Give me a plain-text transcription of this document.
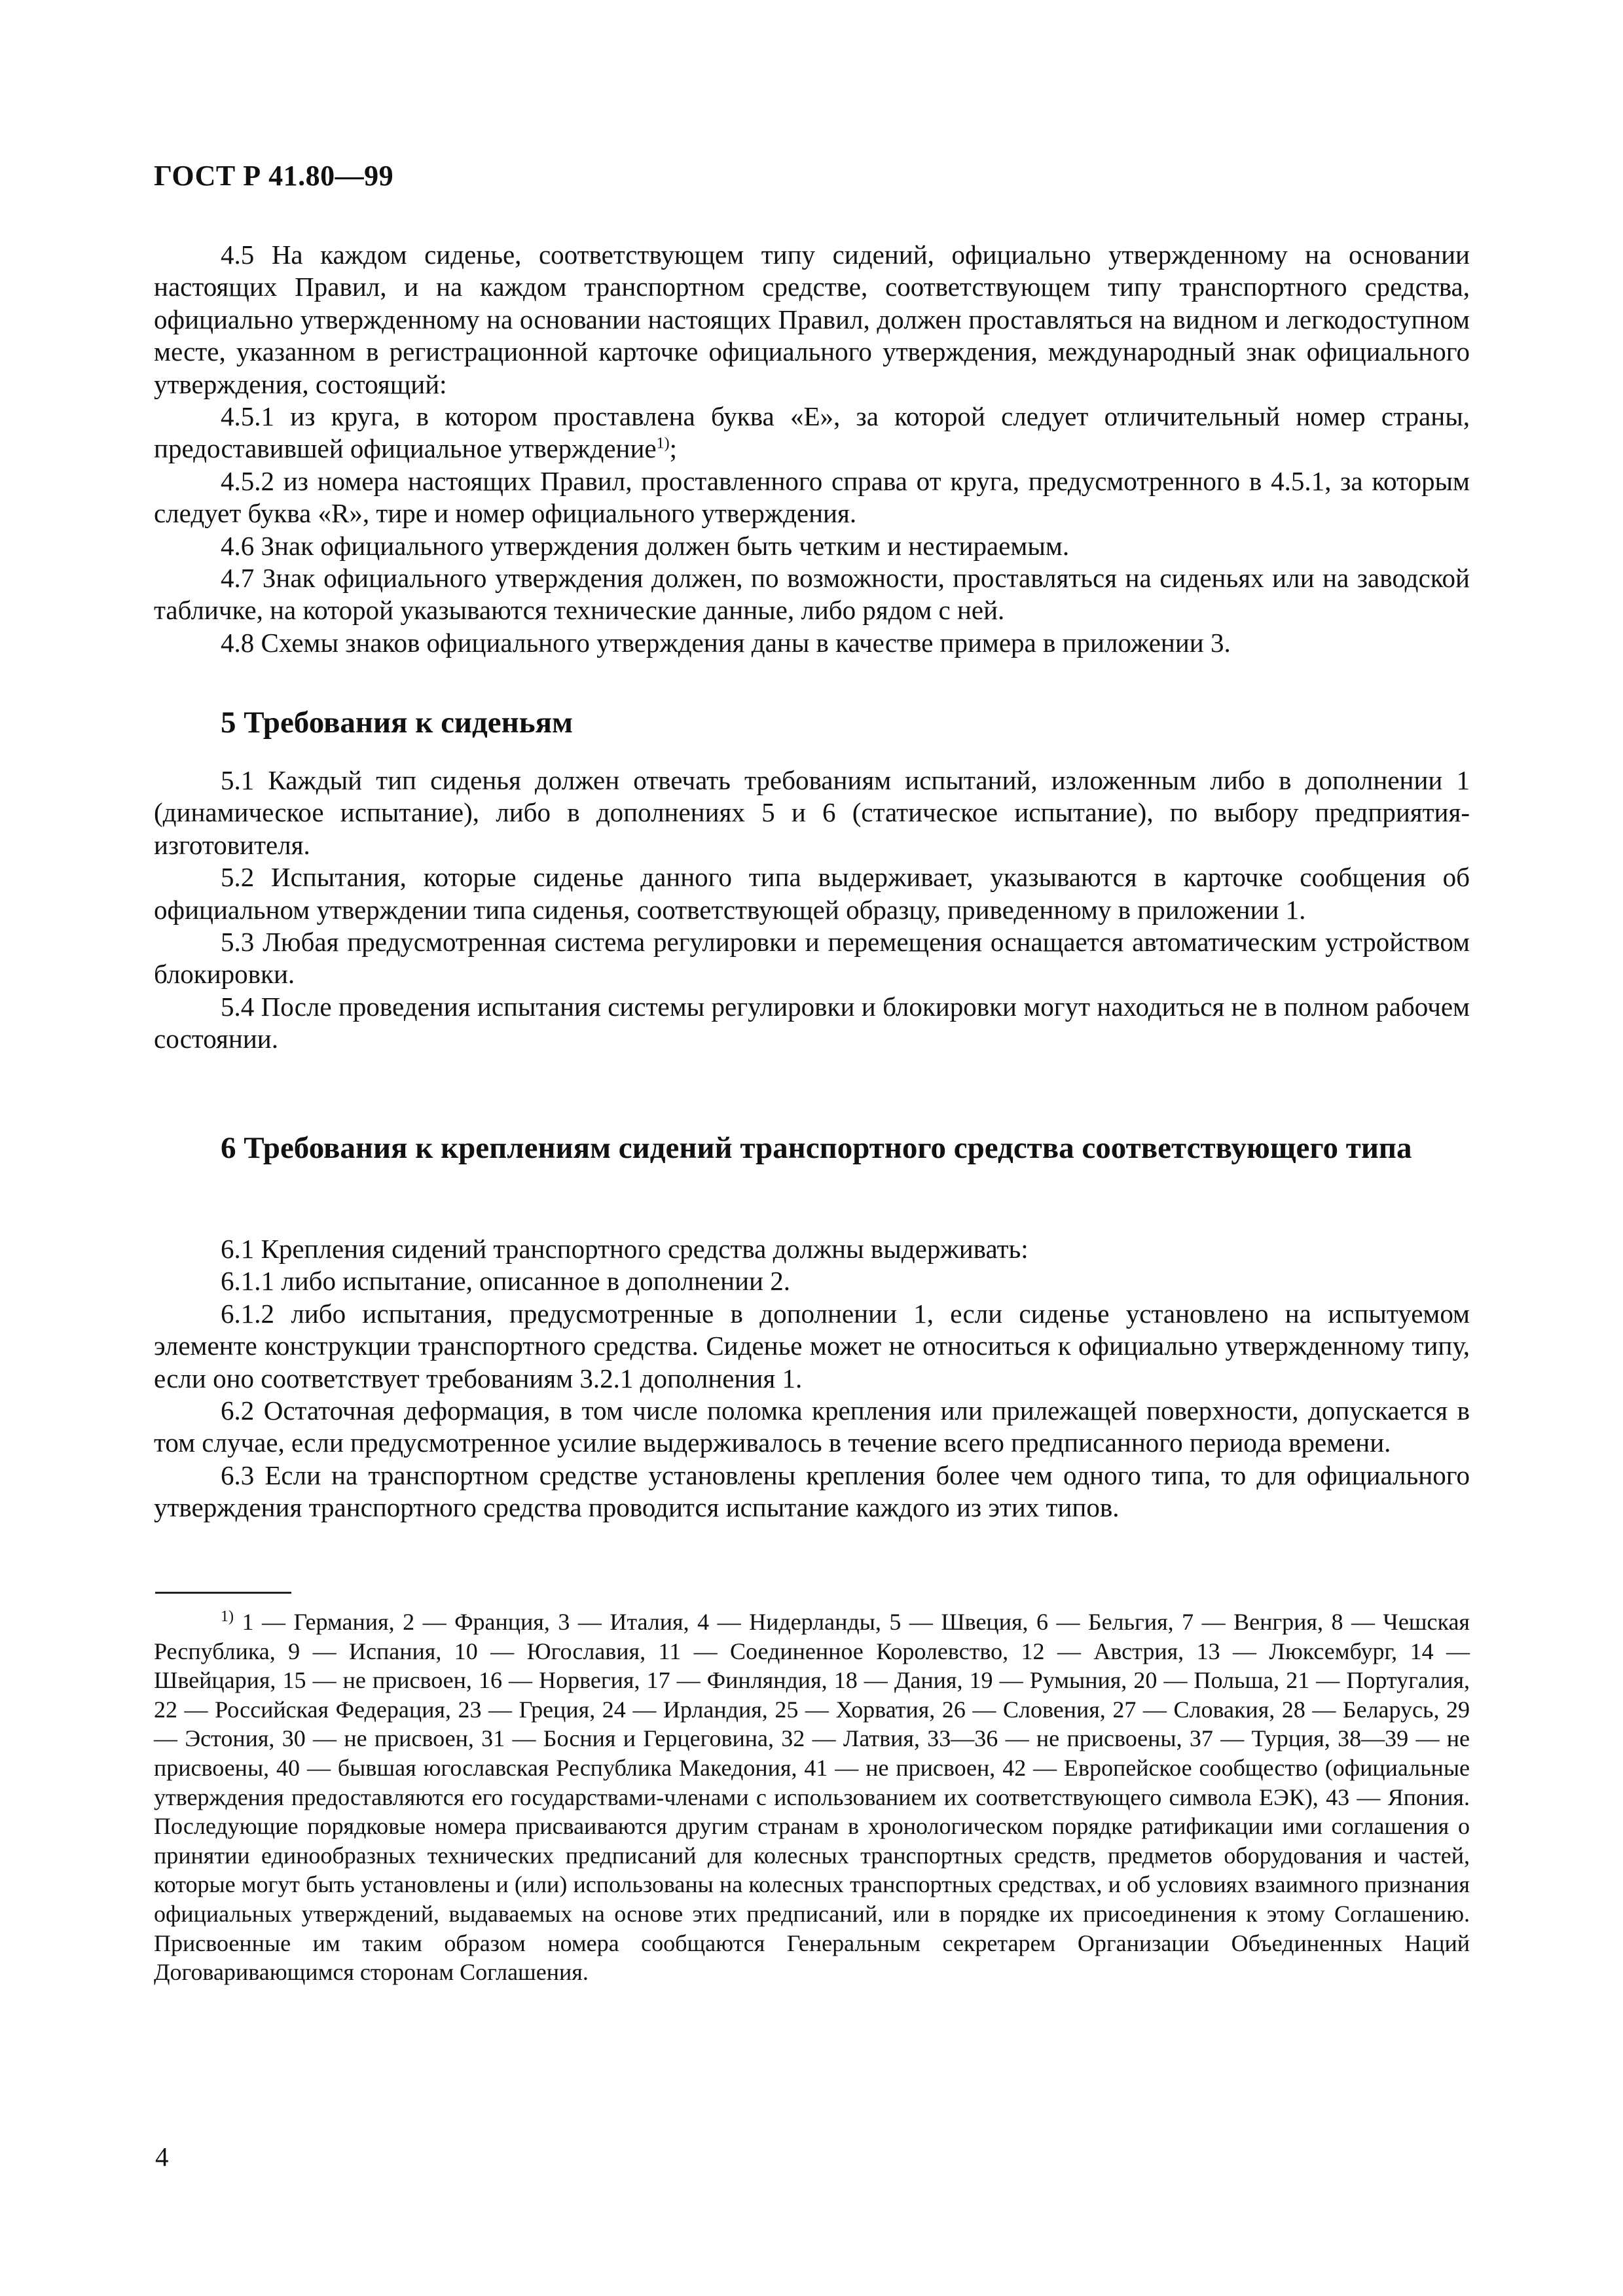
ГОСТ Р 41.80—99

4.5 На каждом сиденье, соответствующем типу сидений, официально утвержденному на основании настоящих Правил, и на каждом транспортном средстве, соответствующем типу транспортного средства, официально утвержденному на основании настоящих Правил, должен проставляться на видном и легкодоступном месте, указанном в регистрационной карточке официального утверждения, международный знак официального утверждения, состоящий:

4.5.1 из круга, в котором проставлена буква «Е», за которой следует отличительный номер страны, предоставившей официальное утверждение$^{1)}$;

4.5.2 из номера настоящих Правил, проставленного справа от круга, предусмотренного в 4.5.1, за которым следует буква «R», тире и номер официального утверждения.

4.6 Знак официального утверждения должен быть четким и нестираемым.

4.7 Знак официального утверждения должен, по возможности, проставляться на сиденьях или на заводской табличке, на которой указываются технические данные, либо рядом с ней.

4.8 Схемы знаков официального утверждения даны в качестве примера в приложении 3.

5 Требования к сиденьям

5.1 Каждый тип сиденья должен отвечать требованиям испытаний, изложенным либо в дополнении 1 (динамическое испытание), либо в дополнениях 5 и 6 (статическое испытание), по выбору предприятия-изготовителя.

5.2 Испытания, которые сиденье данного типа выдерживает, указываются в карточке сообщения об официальном утверждении типа сиденья, соответствующей образцу, приведенному в приложении 1.

5.3 Любая предусмотренная система регулировки и перемещения оснащается автоматическим устройством блокировки.

5.4 После проведения испытания системы регулировки и блокировки могут находиться не в полном рабочем состоянии.

6 Требования к креплениям сидений транспортного средства соответствующего типа

6.1 Крепления сидений транспортного средства должны выдерживать:

6.1.1 либо испытание, описанное в дополнении 2.

6.1.2 либо испытания, предусмотренные в дополнении 1, если сиденье установлено на испытуемом элементе конструкции транспортного средства. Сиденье может не относиться к официально утвержденному типу, если оно соответствует требованиям 3.2.1 дополнения 1.

6.2 Остаточная деформация, в том числе поломка крепления или прилежащей поверхности, допускается в том случае, если предусмотренное усилие выдерживалось в течение всего предписанного периода времени.

6.3 Если на транспортном средстве установлены крепления более чем одного типа, то для официального утверждения транспортного средства проводится испытание каждого из этих типов.

$^{1)}$ 1 — Германия, 2 — Франция, 3 — Италия, 4 — Нидерланды, 5 — Швеция, 6 — Бельгия, 7 — Венгрия, 8 — Чешская Республика, 9 — Испания, 10 — Югославия, 11 — Соединенное Королевство, 12 — Австрия, 13 — Люксембург, 14 — Швейцария, 15 — не присвоен, 16 — Норвегия, 17 — Финляндия, 18 — Дания, 19 — Румыния, 20 — Польша, 21 — Португалия, 22 — Российская Федерация, 23 — Греция, 24 — Ирландия, 25 — Хорватия, 26 — Словения, 27 — Словакия, 28 — Беларусь, 29 — Эстония, 30 — не присвоен, 31 — Босния и Герцеговина, 32 — Латвия, 33—36 — не присвоены, 37 — Турция, 38—39 — не присвоены, 40 — бывшая югославская Республика Македония, 41 — не присвоен, 42 — Европейское сообщество (официальные утверждения предоставляются его государствами-членами с использованием их соответствующего символа ЕЭК), 43 — Япония. Последующие порядковые номера присваиваются другим странам в хронологическом порядке ратификации ими соглашения о принятии единообразных технических предписаний для колесных транспортных средств, предметов оборудования и частей, которые могут быть установлены и (или) использованы на колесных транспортных средствах, и об условиях взаимного признания официальных утверждений, выдаваемых на основе этих предписаний, или в порядке их присоединения к этому Соглашению. Присвоенные им таким образом номера сообщаются Генеральным секретарем Организации Объединенных Наций Договаривающимся сторонам Соглашения.
4
